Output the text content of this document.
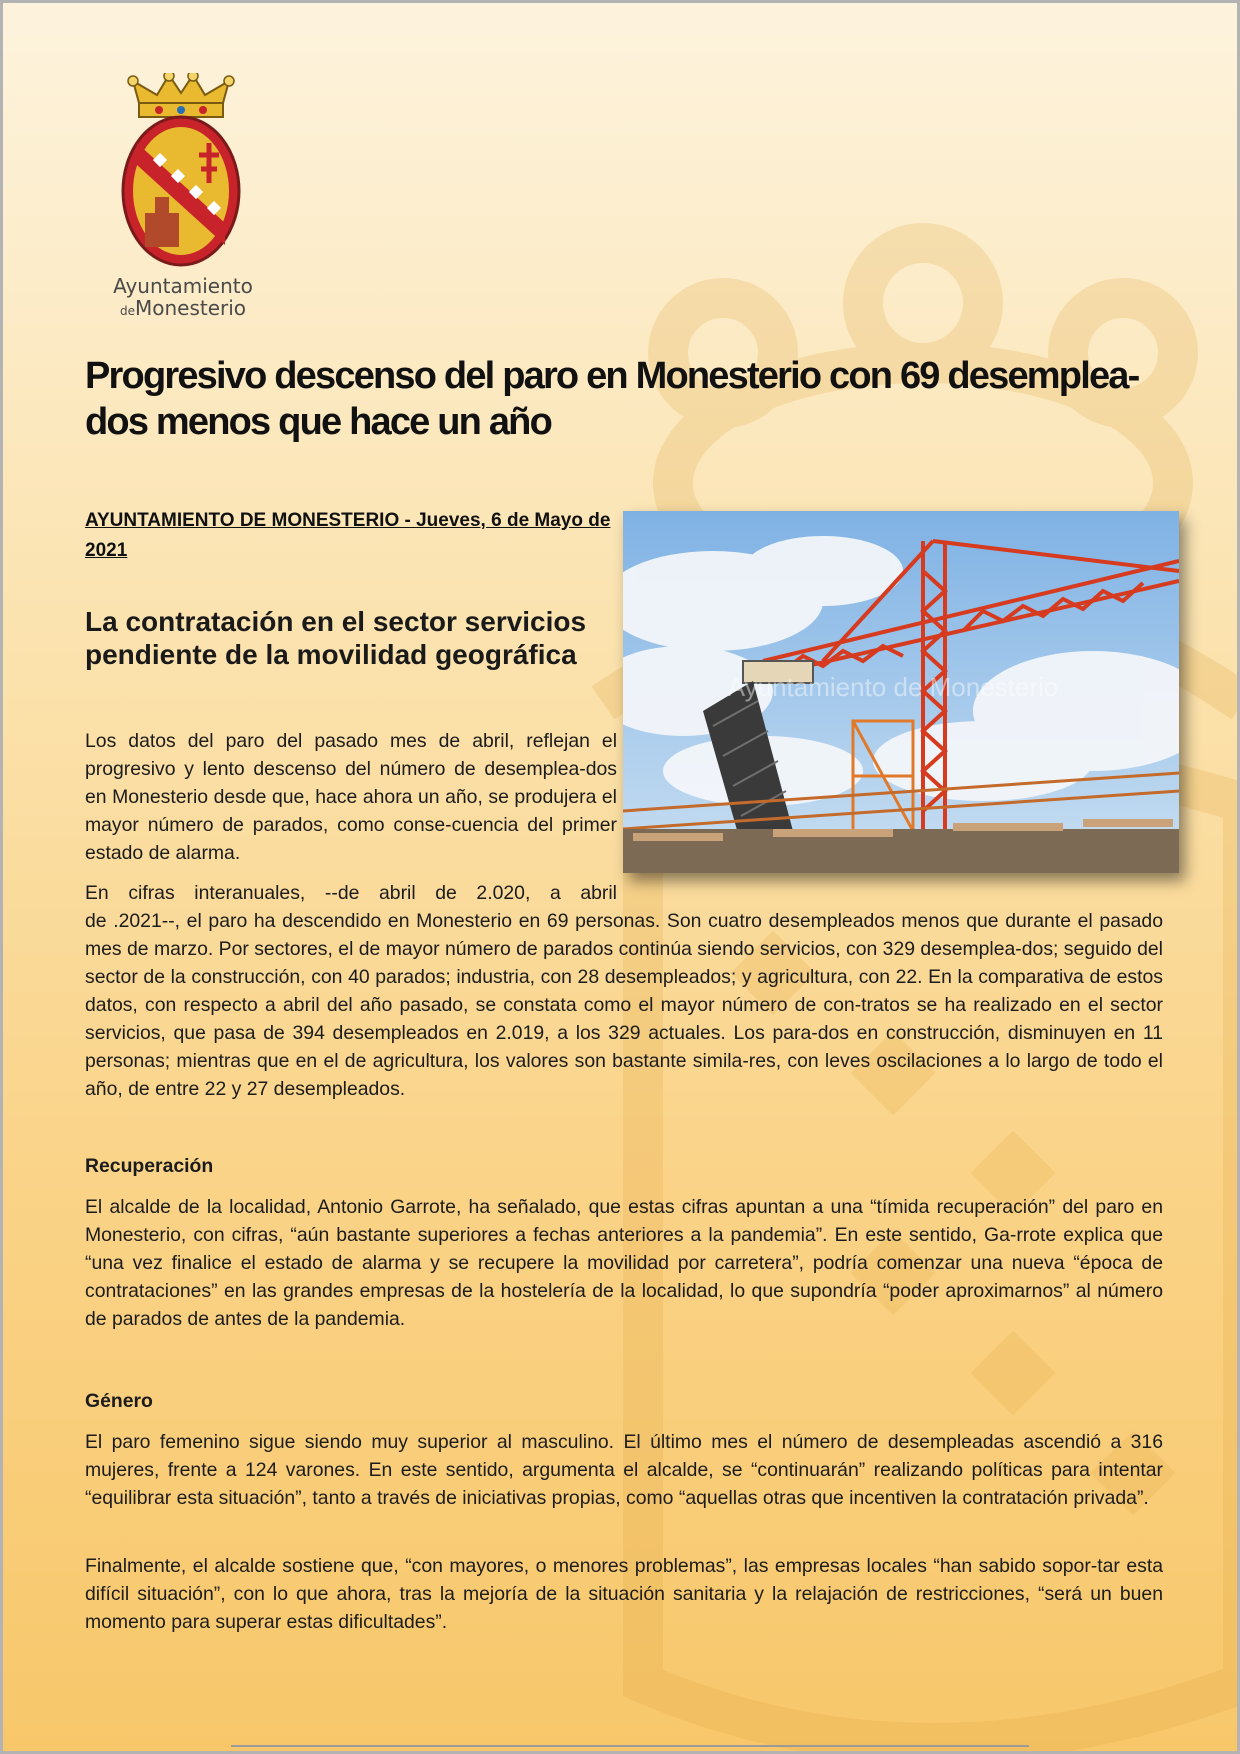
Ayuntamiento
deMonesterio
Progresivo descenso del paro en Monesterio con 69 desemplea-dos menos que hace un año
AYUNTAMIENTO DE MONESTERIO - Jueves, 6 de Mayo de 2021
La contratación en el sector servicios pendiente de la movilidad geográfica
Ayuntamiento de Monesterio

Los datos del paro del pasado mes de abril, reflejan el progresivo y lento descenso del número de desemplea-dos en Monesterio desde que, hace ahora un año, se produjera el mayor número de parados, como conse-cuencia del primer estado de alarma.

En cifras interanuales, --de abril de 2.020, a abril
de .2021--, el paro ha descendido en Monesterio en 69 personas. Son cuatro desempleados menos que durante el pasado mes de marzo. Por sectores, el de mayor número de parados continúa siendo servicios, con 329 desemplea-dos; seguido del sector de la construcción, con 40 parados; industria, con 28 desempleados; y agricultura, con 22. En la comparativa de estos datos, con respecto a abril del año pasado, se constata como el mayor número de con-tratos se ha realizado en el sector servicios, que pasa de 394 desempleados en 2.019, a los 329 actuales. Los para-dos en construcción, disminuyen en 11 personas; mientras que en el de agricultura, los valores son bastante simila-res, con leves oscilaciones a lo largo de todo el año, de entre 22 y 27 desempleados.

Recuperación

El alcalde de la localidad, Antonio Garrote, ha señalado, que estas cifras apuntan a una “tímida recuperación” del paro en Monesterio, con cifras, “aún bastante superiores a fechas anteriores a la pandemia”. En este sentido, Ga-rrote explica que “una vez finalice el estado de alarma y se recupere la movilidad por carretera”, podría comenzar una nueva “época de contrataciones” en las grandes empresas de la hostelería de la localidad, lo que supondría “poder aproximarnos” al número de parados de antes de la pandemia.

Género

El paro femenino sigue siendo muy superior al masculino. El último mes el número de desempleadas ascendió a 316 mujeres, frente a 124 varones. En este sentido, argumenta el alcalde, se “continuarán” realizando políticas para intentar “equilibrar esta situación”, tanto a través de iniciativas propias, como “aquellas otras que incentiven la contratación privada”.

Finalmente, el alcalde sostiene que, “con mayores, o menores problemas”, las empresas locales “han sabido sopor-tar esta difícil situación”, con lo que ahora, tras la mejoría de la situación sanitaria y la relajación de restricciones, “será un buen momento para superar estas dificultades”.
